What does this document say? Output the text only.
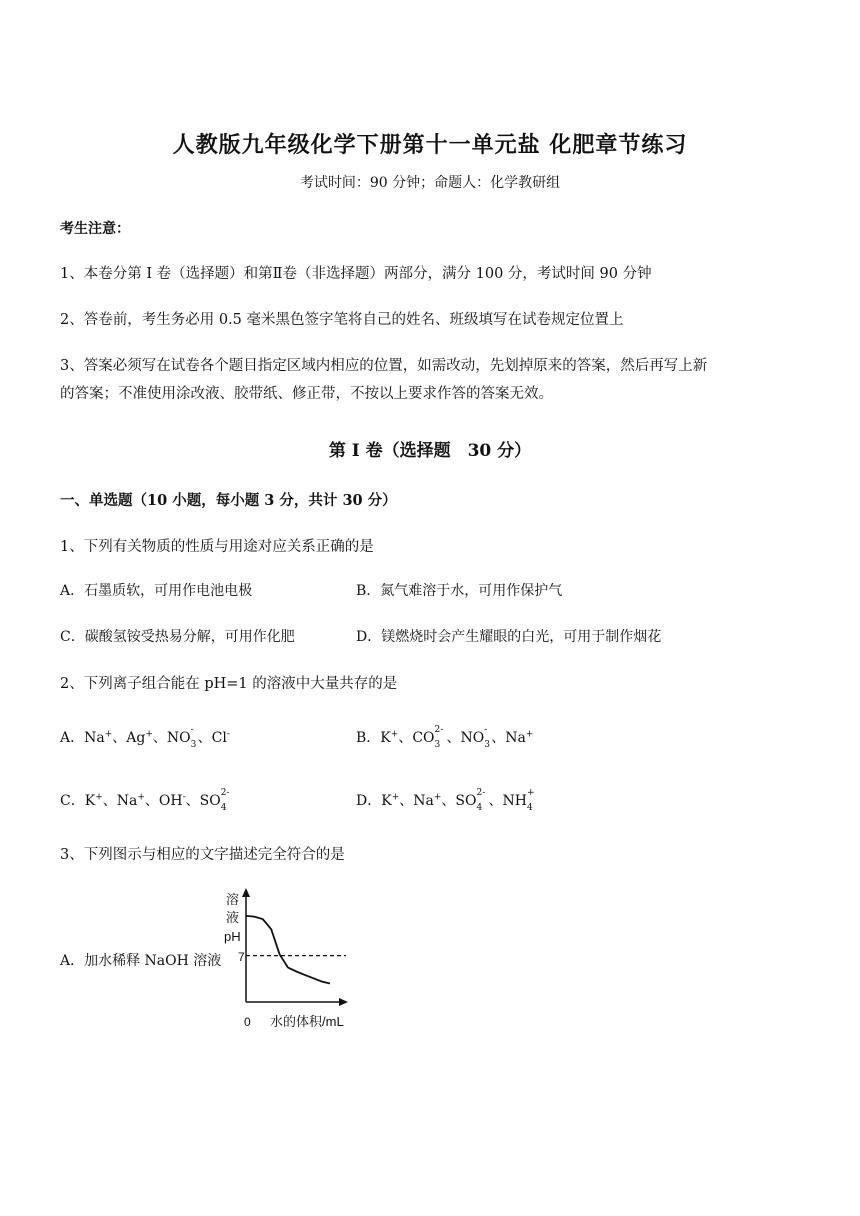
人教版九年级化学下册第十一单元盐 化肥章节练习
考试时间：90 分钟；命题人：化学教研组
考生注意：
1、本卷分第 I 卷（选择题）和第Ⅱ卷（非选择题）两部分，满分 100 分，考试时间 90 分钟
2、答卷前，考生务必用 0.5 毫米黑色签字笔将自己的姓名、班级填写在试卷规定位置上
3、答案必须写在试卷各个题目指定区域内相应的位置，如需改动，先划掉原来的答案，然后再写上新
的答案；不准使用涂改液、胶带纸、修正带，不按以上要求作答的答案无效。
第 I 卷（选择题　30 分）
一、单选题（10 小题，每小题 3 分，共计 30 分）
1、下列有关物质的性质与用途对应关系正确的是
A．石墨质软，可用作电池电极	B．氮气难溶于水，可用作保护气
C．碳酸氢铵受热易分解，可用作化肥	D．镁燃烧时会产生耀眼的白光，可用于制作烟花
2、下列离子组合能在 pH=1 的溶液中大量共存的是
A．Na+、Ag+、NO -
3 、Cl-	B．K+、CO 2-
3 、NO -
3 、Na+
C．K+、Na+、OH-、SO 2-
4	D．K+、Na+、SO 2-
4 、NH +
4
3、下列图示与相应的文字描述完全符合的是
A．加水稀释 NaOH 溶液
溶
液
pH
0 水的体积/mL
7
